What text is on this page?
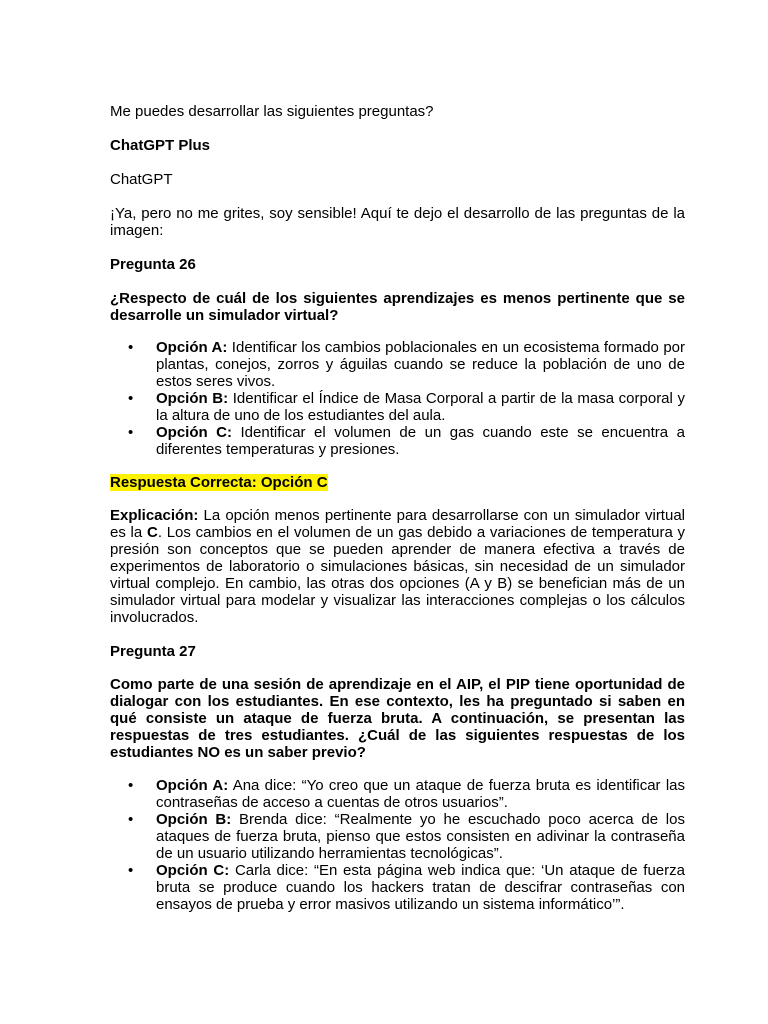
Me puedes desarrollar las siguientes preguntas?

ChatGPT Plus

ChatGPT

¡Ya, pero no me grites, soy sensible! Aquí te dejo el desarrollo de las preguntas de la imagen:

Pregunta 26

¿Respecto de cuál de los siguientes aprendizajes es menos pertinente que se desarrolle un simulador virtual?

• Opción A: Identificar los cambios poblacionales en un ecosistema formado por plantas, conejos, zorros y águilas cuando se reduce la población de uno de estos seres vivos.
• Opción B: Identificar el Índice de Masa Corporal a partir de la masa corporal y la altura de uno de los estudiantes del aula.
• Opción C: Identificar el volumen de un gas cuando este se encuentra a diferentes temperaturas y presiones.

Respuesta Correcta: Opción C

Explicación: La opción menos pertinente para desarrollarse con un simulador virtual es la C. Los cambios en el volumen de un gas debido a variaciones de temperatura y presión son conceptos que se pueden aprender de manera efectiva a través de experimentos de laboratorio o simulaciones básicas, sin necesidad de un simulador virtual complejo. En cambio, las otras dos opciones (A y B) se benefician más de un simulador virtual para modelar y visualizar las interacciones complejas o los cálculos involucrados.

Pregunta 27

Como parte de una sesión de aprendizaje en el AIP, el PIP tiene oportunidad de dialogar con los estudiantes. En ese contexto, les ha preguntado si saben en qué consiste un ataque de fuerza bruta. A continuación, se presentan las respuestas de tres estudiantes. ¿Cuál de las siguientes respuestas de los estudiantes NO es un saber previo?

• Opción A: Ana dice: “Yo creo que un ataque de fuerza bruta es identificar las contraseñas de acceso a cuentas de otros usuarios”.
• Opción B: Brenda dice: “Realmente yo he escuchado poco acerca de los ataques de fuerza bruta, pienso que estos consisten en adivinar la contraseña de un usuario utilizando herramientas tecnológicas”.
• Opción C: Carla dice: “En esta página web indica que: ‘Un ataque de fuerza bruta se produce cuando los hackers tratan de descifrar contraseñas con ensayos de prueba y error masivos utilizando un sistema informático’”.
